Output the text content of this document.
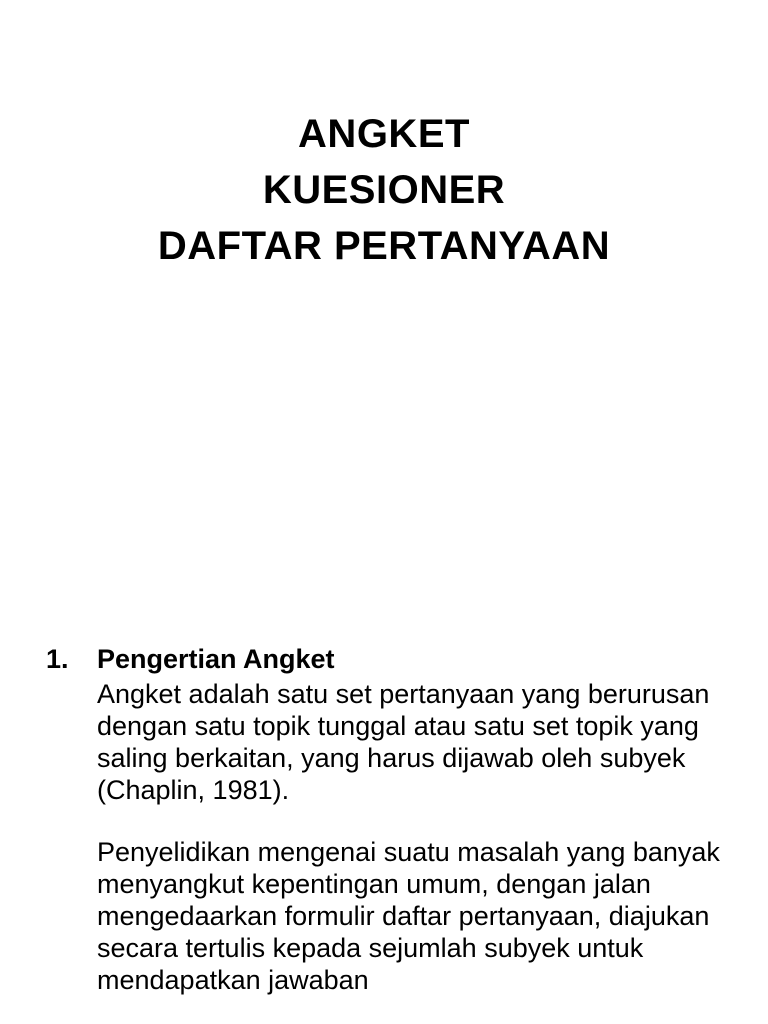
ANGKET
KUESIONER
DAFTAR PERTANYAAN
1.	Pengertian Angket
Angket adalah satu set pertanyaan yang berurusan dengan satu topik tunggal atau satu set topik yang saling berkaitan, yang harus dijawab oleh subyek (Chaplin, 1981).
Penyelidikan mengenai suatu masalah yang banyak menyangkut kepentingan umum, dengan jalan mengedaarkan formulir daftar pertanyaan, diajukan secara tertulis kepada sejumlah subyek untuk mendapatkan jawaban
